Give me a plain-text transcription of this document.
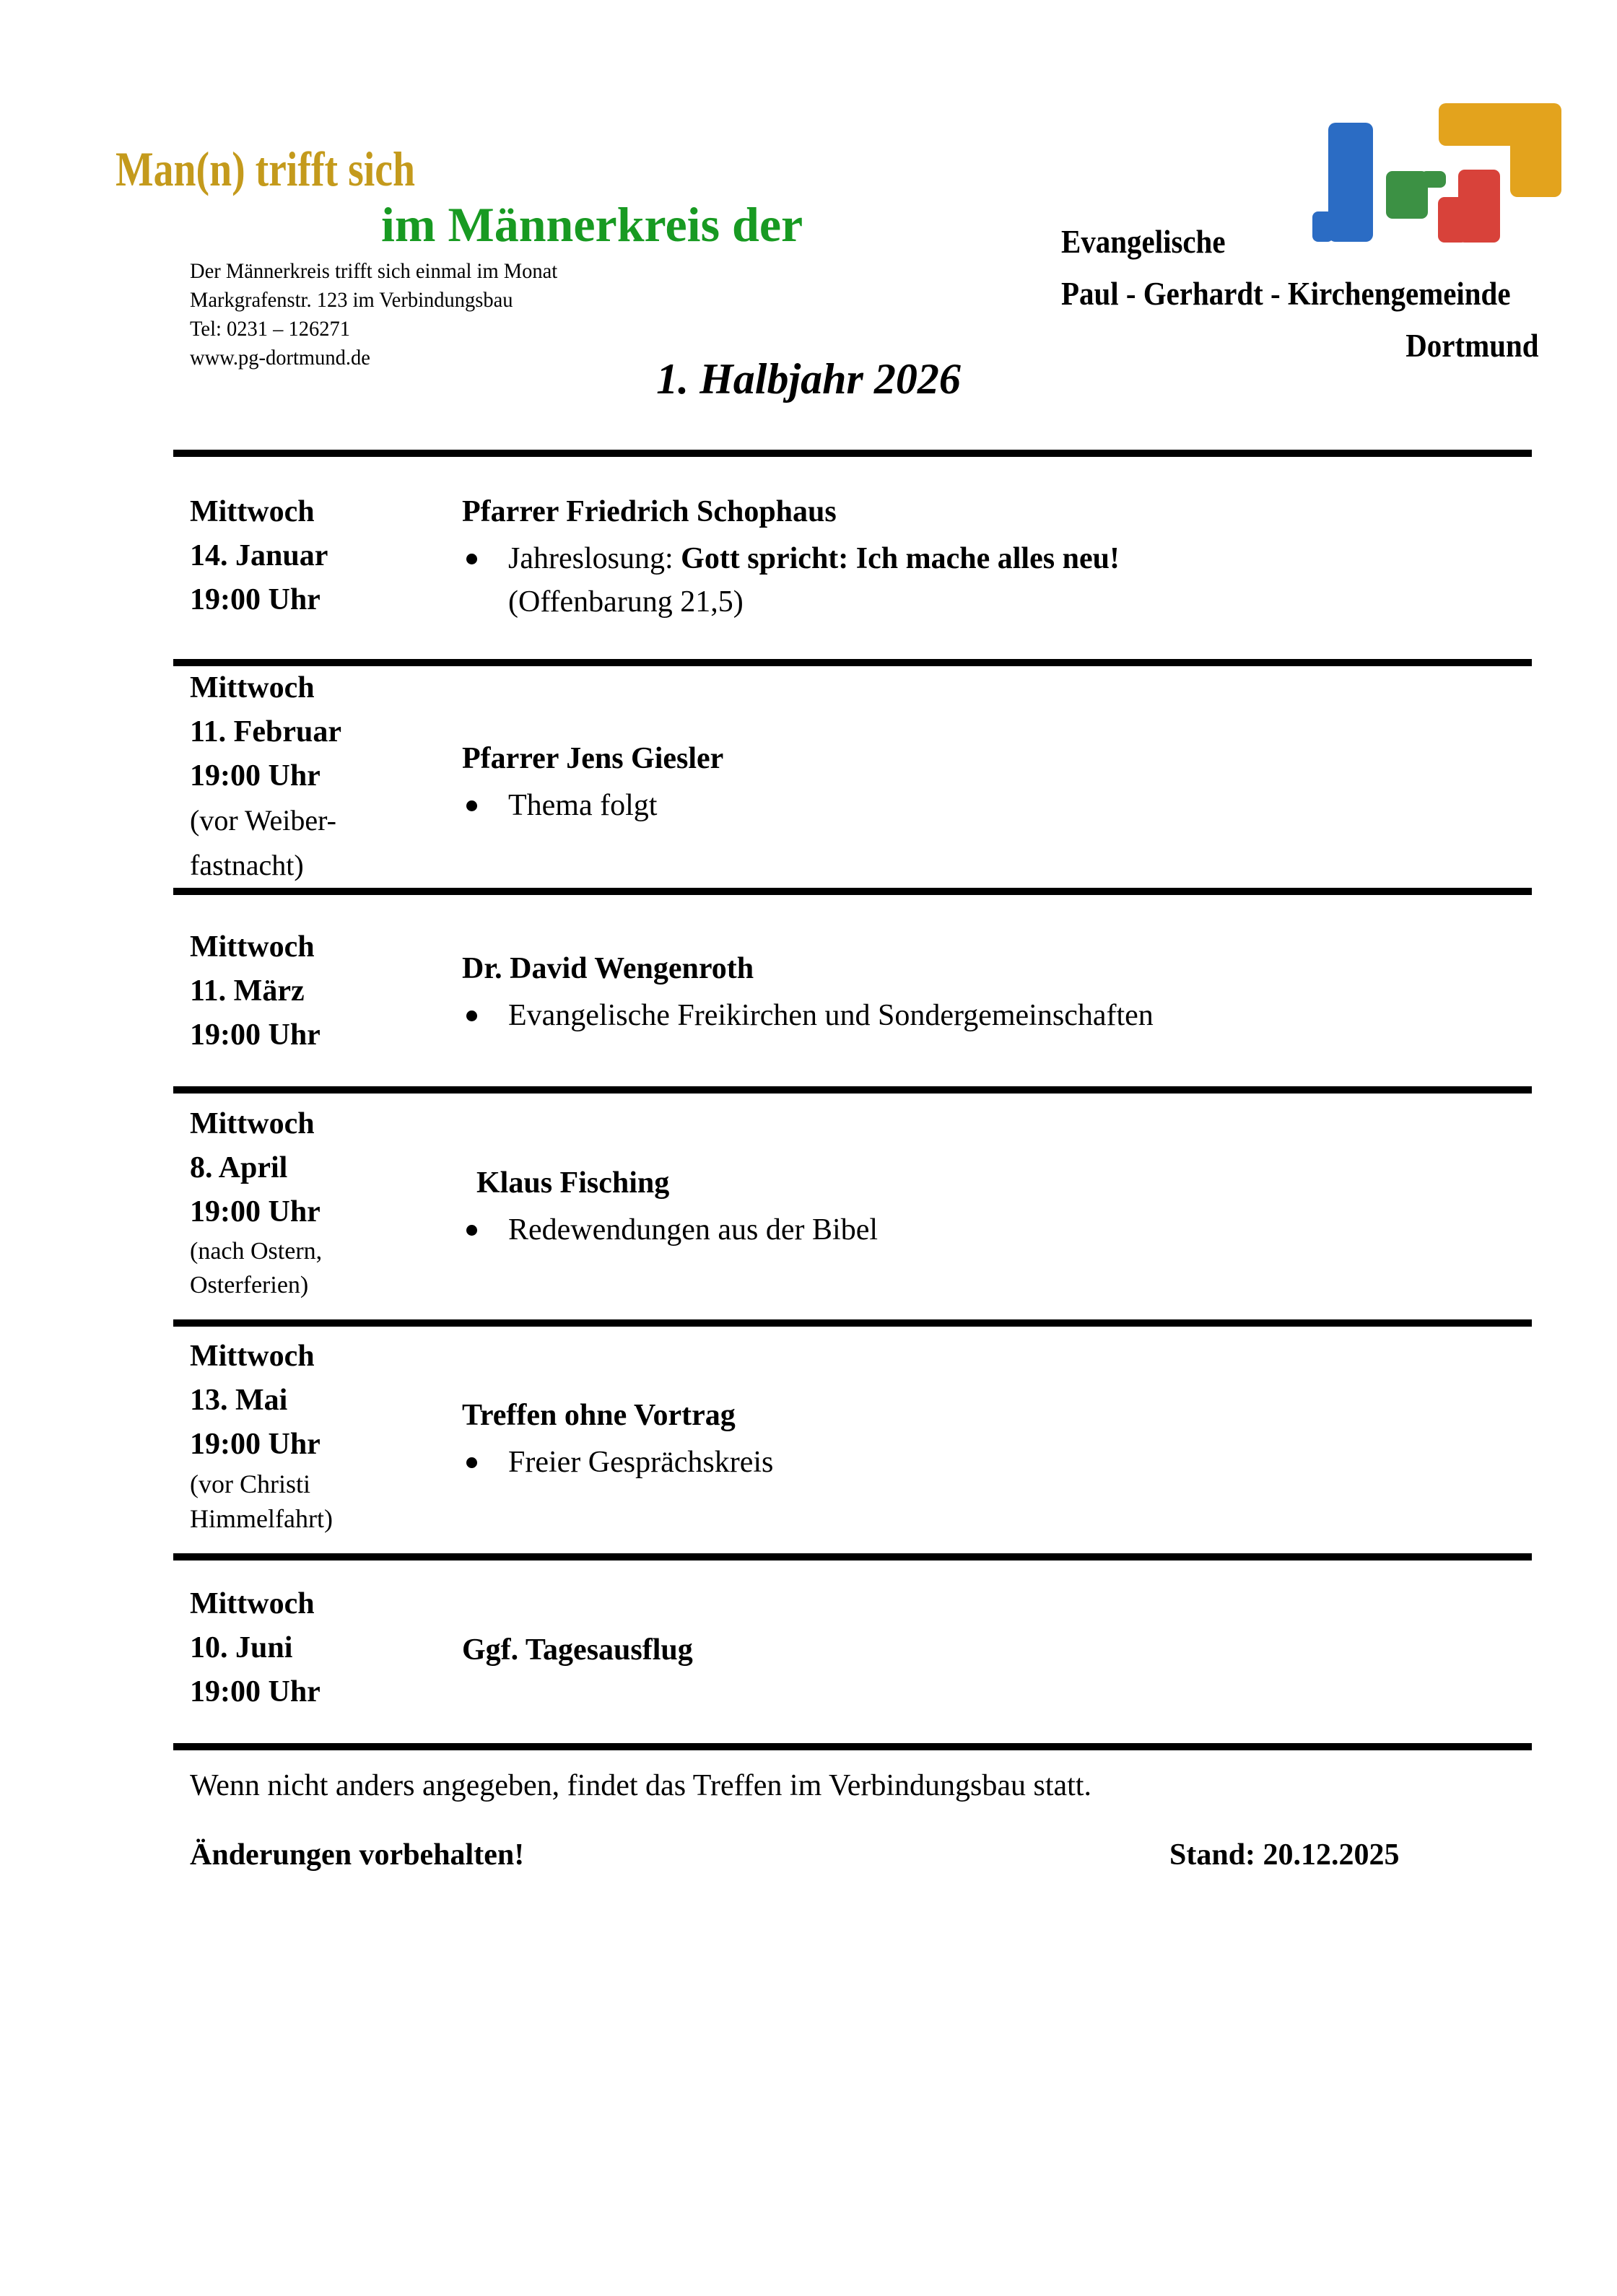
Man(n) trifft sich
im Männerkreis der
Der Männerkreis trifft sich einmal im Monat
Markgrafenstr. 123 im Verbindungsbau
Tel: 0231 – 126271
www.pg-dortmund.de
Evangelische
Paul - Gerhardt - Kirchengemeinde
Dortmund
1. Halbjahr 2026
Mittwoch
14. Januar
19:00 Uhr
Pfarrer Friedrich Schophaus
Jahreslosung: Gott spricht: Ich mache alles neu!
(Offenbarung 21,5)
Mittwoch
11. Februar
19:00 Uhr
(vor Weiber-
fastnacht)
Pfarrer Jens Giesler
Thema folgt
Mittwoch
11. März
19:00 Uhr
Dr. David Wengenroth
Evangelische Freikirchen und Sondergemeinschaften
Mittwoch
8. April
19:00 Uhr
(nach Ostern,
Osterferien)
Klaus Fisching
Redewendungen aus der Bibel
Mittwoch
13. Mai
19:00 Uhr
(vor Christi
Himmelfahrt)
Treffen ohne Vortrag
Freier Gesprächskreis
Mittwoch
10. Juni
19:00 Uhr
Ggf. Tagesausflug
Wenn nicht anders angegeben, findet das Treffen im Verbindungsbau statt.
Änderungen vorbehalten!	Stand: 20.12.2025
